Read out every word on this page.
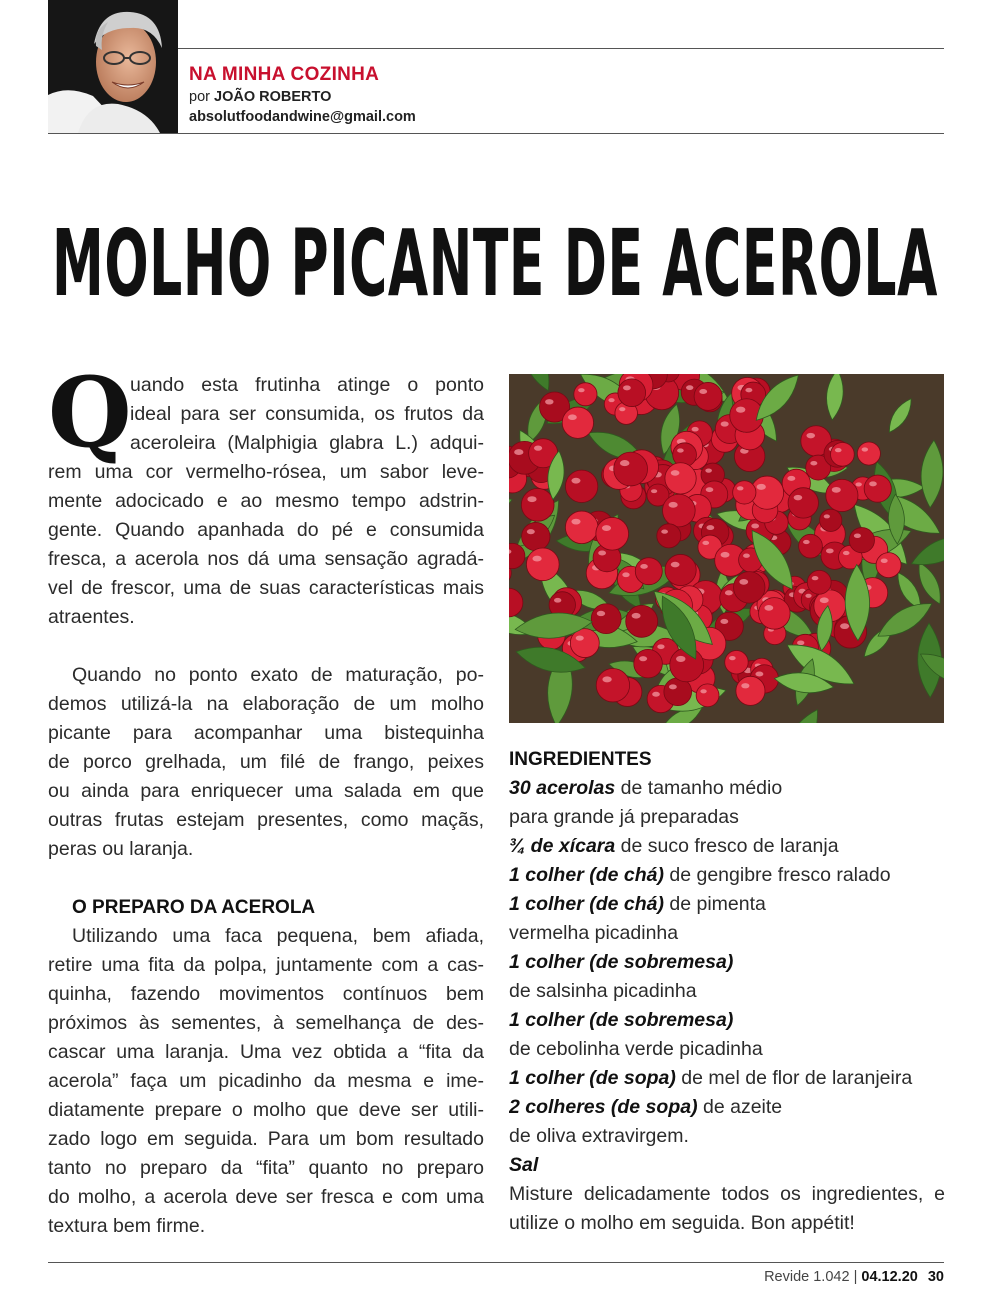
NA MINHA COZINHA
por JOÃO ROBERTO
absolutfoodandwine@gmail.com
MOLHO PICANTE DE ACEROLA
Q
uando esta frutinha atinge o ponto
ideal para ser consumida, os frutos da
aceroleira (Malphigia glabra L.) adqui-
rem uma cor vermelho-rósea, um sabor leve-
mente adocicado e ao mesmo tempo adstrin-
gente. Quando apanhada do pé e consumida
fresca, a acerola nos dá uma sensação agradá-
vel de frescor, uma de suas características mais
atraentes.
Quando no ponto exato de maturação, po-
demos utilizá-la na elaboração de um molho
picante para acompanhar uma bistequinha
de porco grelhada, um filé de frango, peixes
ou ainda para enriquecer uma salada em que
outras frutas estejam presentes, como maçãs,
peras ou laranja.
O PREPARO DA ACEROLA
Utilizando uma faca pequena, bem afiada,
retire uma fita da polpa, juntamente com a cas-
quinha, fazendo movimentos contínuos bem
próximos às sementes, à semelhança de des-
cascar uma laranja. Uma vez obtida a “fita da
acerola” faça um picadinho da mesma e ime-
diatamente prepare o molho que deve ser utili-
zado logo em seguida. Para um bom resultado
tanto no preparo da “fita” quanto no preparo
do molho, a acerola deve ser fresca e com uma
textura bem firme.
INGREDIENTES
30 acerolas de tamanho médio
para grande já preparadas
¾ de xícara de suco fresco de laranja
1 colher (de chá) de gengibre fresco ralado
1 colher (de chá) de pimenta
vermelha picadinha
1 colher (de sobremesa)
de salsinha picadinha
1 colher (de sobremesa)
de cebolinha verde picadinha
1 colher (de sopa) de mel de flor de laranjeira
2 colheres (de sopa) de azeite
de oliva extravirgem.
Sal
Misture delicadamente todos os ingredientes, e
utilize o molho em seguida. Bon appétit!
Revide 1.042 | 04.12.20 30
